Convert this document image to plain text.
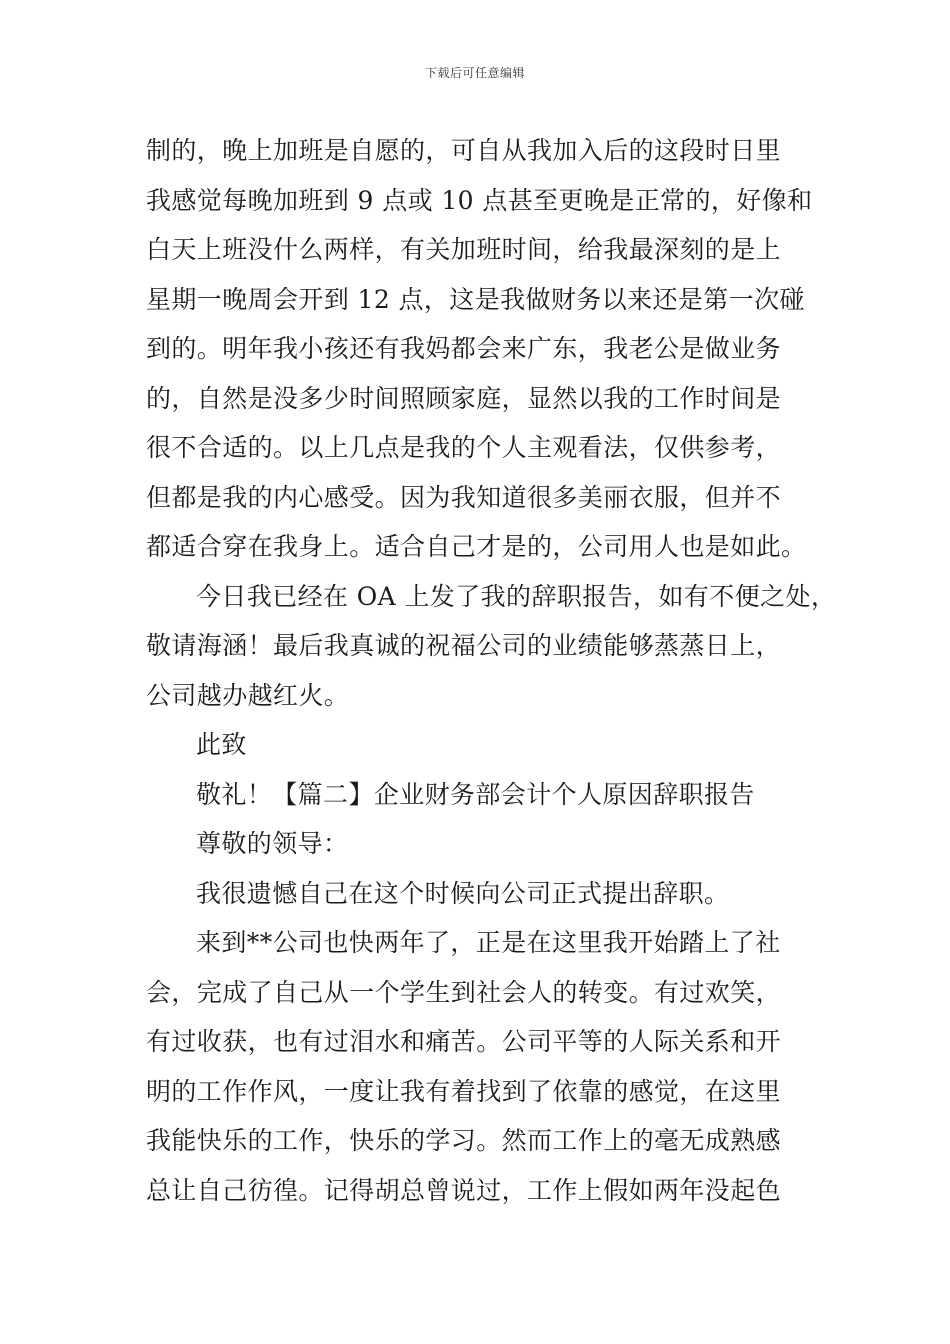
下载后可任意编辑
制的，晚上加班是自愿的，可自从我加入后的这段时日里
我感觉每晚加班到 9 点或 10 点甚至更晚是正常的，好像和
白天上班没什么两样，有关加班时间，给我最深刻的是上
星期一晚周会开到 12 点，这是我做财务以来还是第一次碰
到的。明年我小孩还有我妈都会来广东，我老公是做业务
的，自然是没多少时间照顾家庭，显然以我的工作时间是
很不合适的。以上几点是我的个人主观看法，仅供参考，
但都是我的内心感受。因为我知道很多美丽衣服，但并不
都适合穿在我身上。适合自己才是的，公司用人也是如此。
今日我已经在 OA 上发了我的辞职报告，如有不便之处，
敬请海涵！最后我真诚的祝福公司的业绩能够蒸蒸日上，
公司越办越红火。
此致
敬礼！【篇二】企业财务部会计个人原因辞职报告
尊敬的领导：
我很遗憾自己在这个时候向公司正式提出辞职。
来到**公司也快两年了，正是在这里我开始踏上了社
会，完成了自己从一个学生到社会人的转变。有过欢笑，
有过收获，也有过泪水和痛苦。公司平等的人际关系和开
明的工作作风，一度让我有着找到了依靠的感觉，在这里
我能快乐的工作，快乐的学习。然而工作上的毫无成熟感
总让自己彷徨。记得胡总曾说过，工作上假如两年没起色
